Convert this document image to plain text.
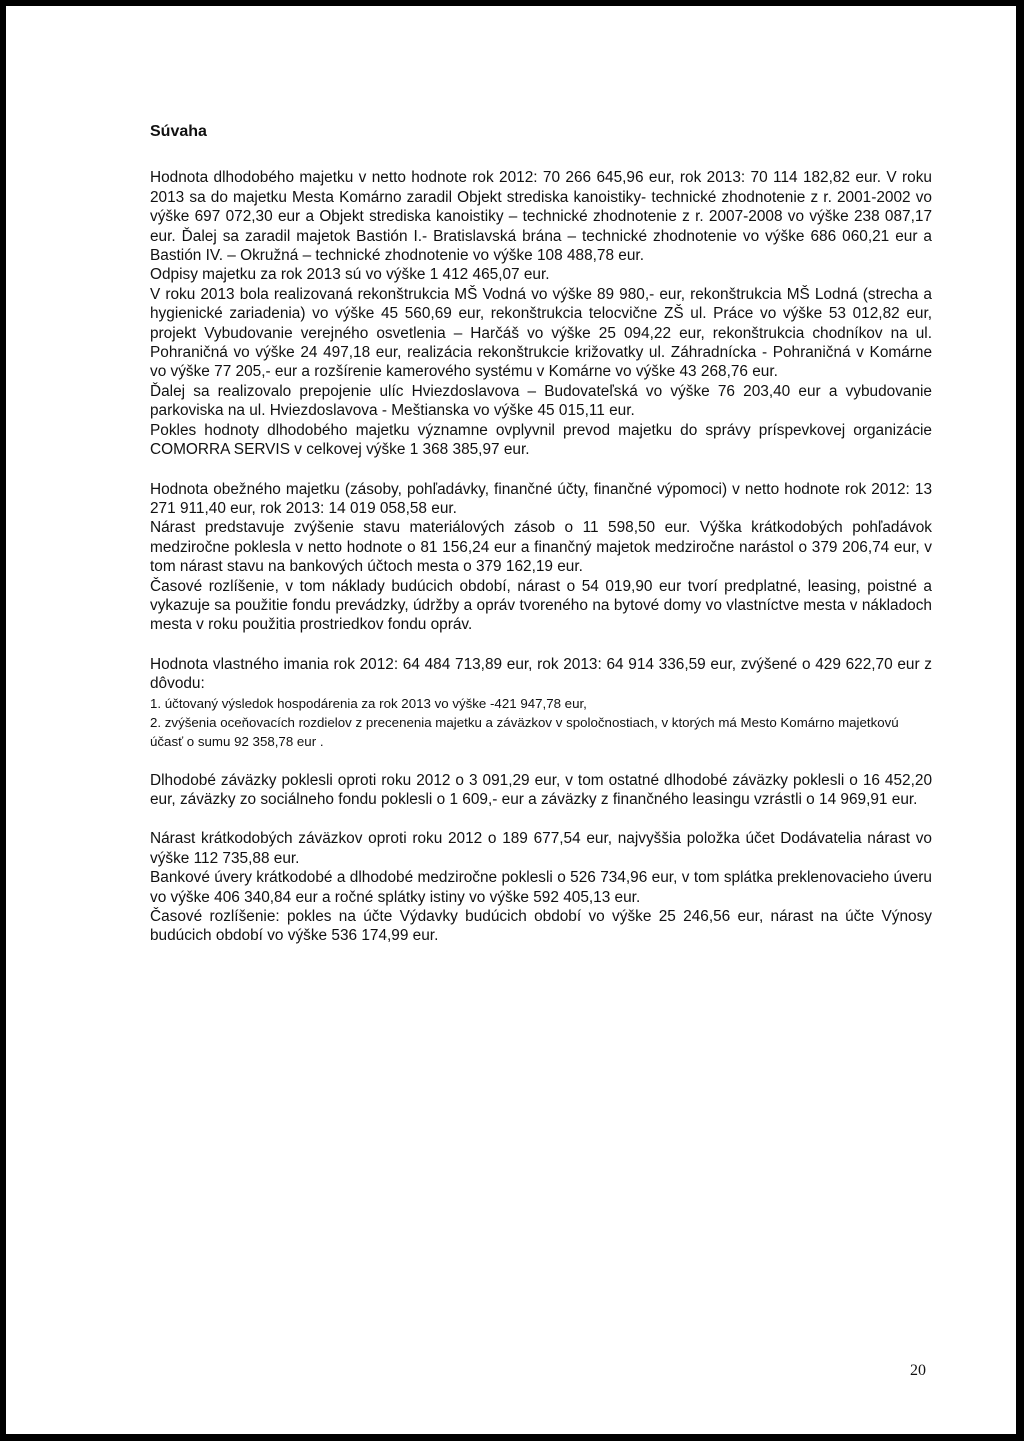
Súvaha

Hodnota dlhodobého majetku v netto hodnote rok 2012: 70 266 645,96 eur, rok 2013: 70 114 182,82 eur. V roku 2013 sa do majetku Mesta Komárno zaradil Objekt strediska kanoistiky- technické zhodnotenie z r. 2001-2002 vo výške 697 072,30 eur a Objekt strediska kanoistiky – technické zhodnotenie z r. 2007-2008 vo výške 238 087,17 eur. Ďalej sa zaradil majetok Bastión I.- Bratislavská brána – technické zhodnotenie vo výške 686 060,21 eur a Bastión IV. – Okružná – technické zhodnotenie vo výške 108 488,78 eur.

Odpisy majetku za rok 2013 sú vo výške 1 412 465,07 eur.

V roku 2013 bola realizovaná rekonštrukcia MŠ Vodná vo výške 89 980,- eur, rekonštrukcia MŠ Lodná (strecha a hygienické zariadenia) vo výške 45 560,69 eur, rekonštrukcia telocvične ZŠ ul. Práce vo výške 53 012,82 eur, projekt Vybudovanie verejného osvetlenia – Harčáš vo výške 25 094,22 eur, rekonštrukcia chodníkov na ul. Pohraničná vo výške 24 497,18 eur, realizácia rekonštrukcie križovatky ul. Záhradnícka - Pohraničná v Komárne vo výške 77 205,- eur a rozšírenie kamerového systému v Komárne vo výške 43 268,76 eur.

Ďalej sa realizovalo prepojenie ulíc Hviezdoslavova – Budovateľská vo výške 76 203,40 eur a vybudovanie parkoviska na ul. Hviezdoslavova - Meštianska vo výške 45 015,11 eur.

Pokles hodnoty dlhodobého majetku významne ovplyvnil prevod majetku do správy príspevkovej organizácie COMORRA SERVIS v celkovej výške 1 368 385,97 eur.

Hodnota obežného majetku (zásoby, pohľadávky, finančné účty, finančné výpomoci) v netto hodnote rok 2012: 13 271 911,40 eur, rok 2013: 14 019 058,58 eur.

Nárast predstavuje zvýšenie stavu materiálových zásob o 11 598,50 eur. Výška krátkodobých pohľadávok medziročne poklesla v netto hodnote o 81 156,24 eur a finančný majetok medziročne narástol o 379 206,74 eur, v tom nárast stavu na bankových účtoch mesta o 379 162,19 eur.

Časové rozlíšenie, v tom náklady budúcich období, nárast o 54 019,90 eur tvorí predplatné, leasing, poistné a vykazuje sa použitie fondu prevádzky, údržby a opráv tvoreného na bytové domy vo vlastníctve mesta v nákladoch mesta v roku použitia prostriedkov fondu opráv.

Hodnota vlastného imania rok 2012: 64 484 713,89 eur, rok 2013: 64 914 336,59 eur, zvýšené o 429 622,70 eur z dôvodu:

1. účtovaný výsledok hospodárenia za rok 2013 vo výške -421 947,78 eur,

2. zvýšenia oceňovacích rozdielov z precenenia majetku a záväzkov v spoločnostiach, v ktorých má Mesto Komárno majetkovú účasť o sumu 92 358,78 eur .

Dlhodobé záväzky poklesli oproti roku 2012 o 3 091,29 eur, v tom ostatné dlhodobé záväzky poklesli o 16 452,20 eur, záväzky zo sociálneho fondu poklesli o 1 609,- eur a záväzky z finančného leasingu vzrástli o 14 969,91 eur.

Nárast krátkodobých záväzkov oproti roku 2012 o 189 677,54 eur, najvyššia položka účet Dodávatelia nárast vo výške 112 735,88 eur.

Bankové úvery krátkodobé a dlhodobé medziročne poklesli o 526 734,96 eur, v tom splátka preklenovacieho úveru vo výške 406 340,84 eur a ročné splátky istiny vo výške 592 405,13 eur.

Časové rozlíšenie: pokles na účte Výdavky budúcich období vo výške 25 246,56 eur, nárast na účte Výnosy budúcich období vo výške 536 174,99 eur.

20
